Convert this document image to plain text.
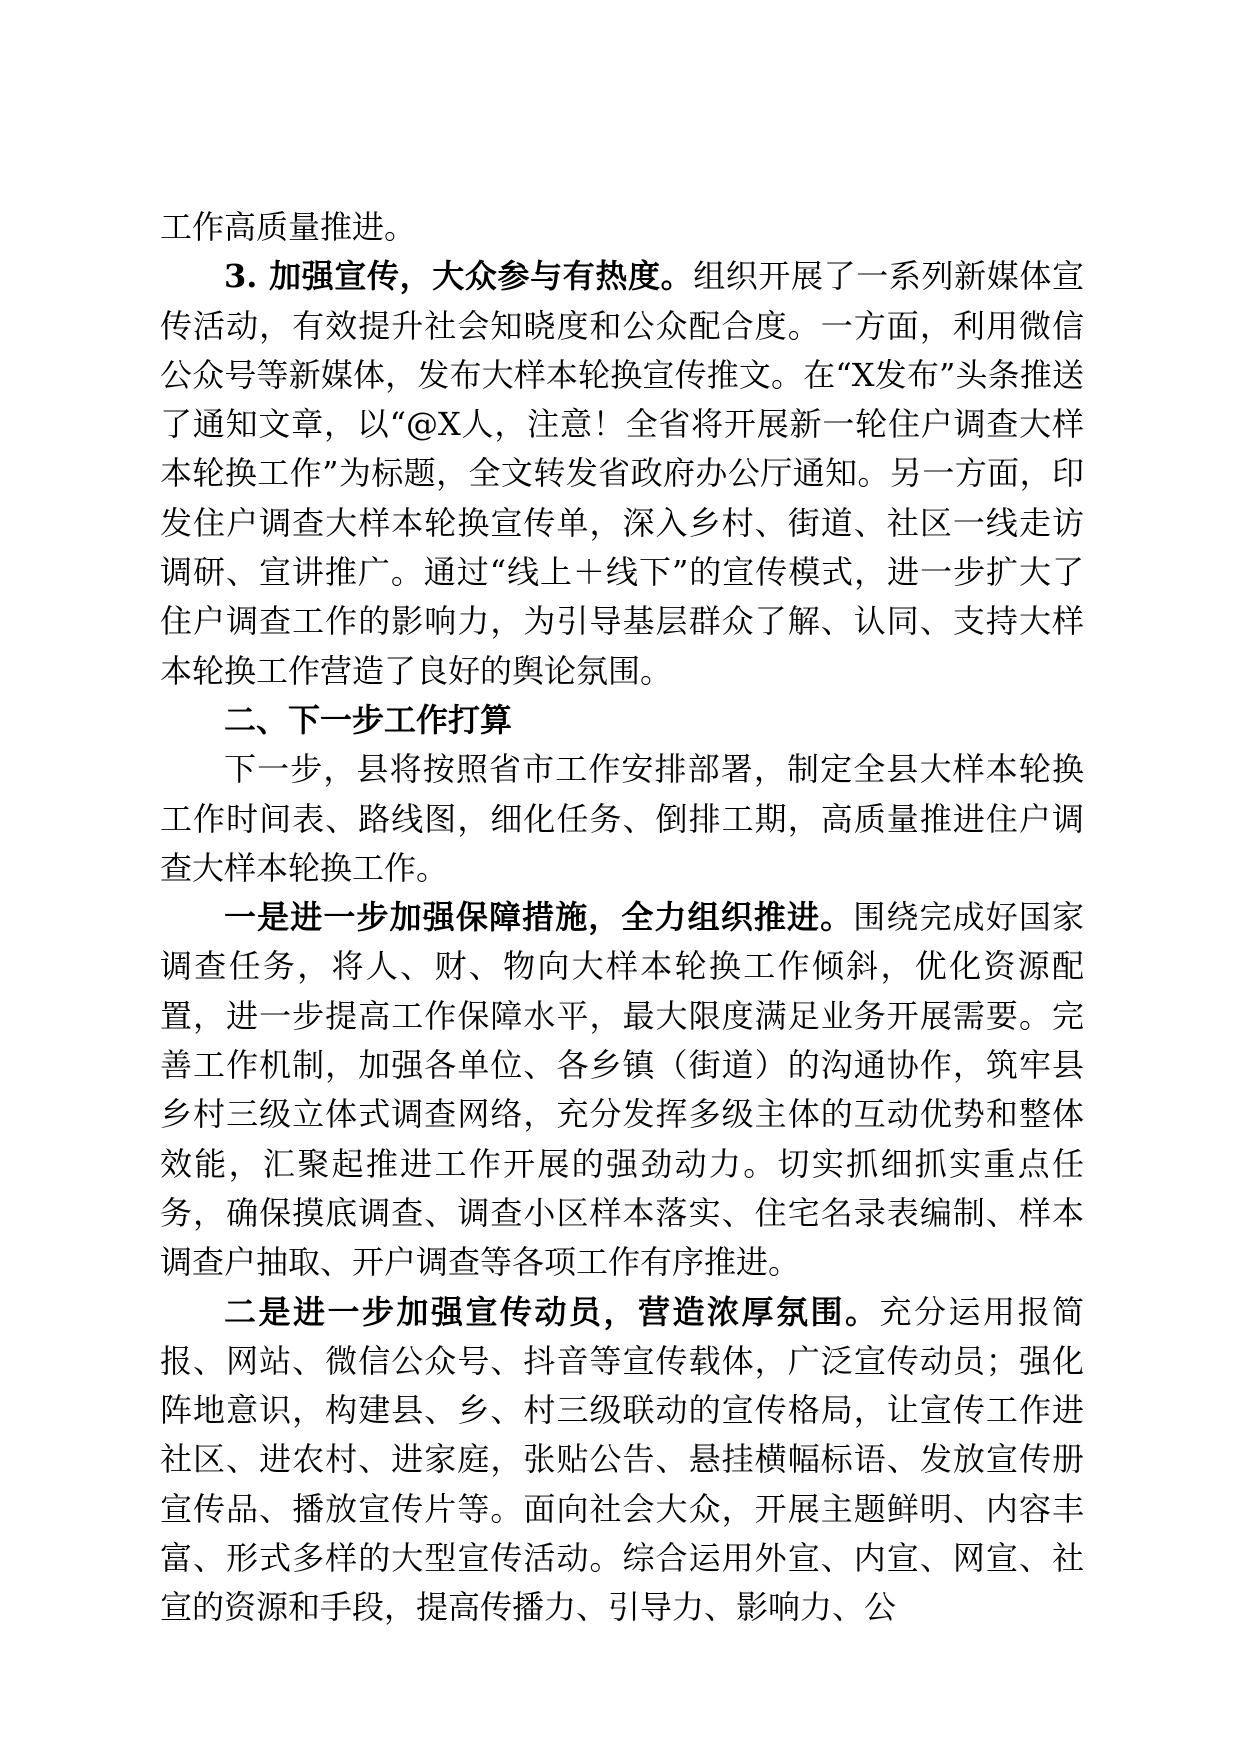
工作高质量推进。

3. 加强宣传，大众参与有热度。组织开展了一系列新媒体宣传活动，有效提升社会知晓度和公众配合度。一方面，利用微信公众号等新媒体，发布大样本轮换宣传推文。在“X发布”头条推送了通知文章，以“@X人，注意！全省将开展新一轮住户调查大样本轮换工作”为标题，全文转发省政府办公厅通知。另一方面，印发住户调查大样本轮换宣传单，深入乡村、街道、社区一线走访调研、宣讲推广。通过“线上＋线下”的宣传模式，进一步扩大了住户调查工作的影响力，为引导基层群众了解、认同、支持大样本轮换工作营造了良好的舆论氛围。

二、下一步工作打算

下一步，县将按照省市工作安排部署，制定全县大样本轮换工作时间表、路线图，细化任务、倒排工期，高质量推进住户调查大样本轮换工作。

一是进一步加强保障措施，全力组织推进。围绕完成好国家调查任务，将人、财、物向大样本轮换工作倾斜，优化资源配置，进一步提高工作保障水平，最大限度满足业务开展需要。完善工作机制，加强各单位、各乡镇（街道）的沟通协作，筑牢县乡村三级立体式调查网络，充分发挥多级主体的互动优势和整体效能，汇聚起推进工作开展的强劲动力。切实抓细抓实重点任务，确保摸底调查、调查小区样本落实、住宅名录表编制、样本调查户抽取、开户调查等各项工作有序推进。

二是进一步加强宣传动员，营造浓厚氛围。充分运用报简报、网站、微信公众号、抖音等宣传载体，广泛宣传动员；强化阵地意识，构建县、乡、村三级联动的宣传格局，让宣传工作进社区、进农村、进家庭，张贴公告、悬挂横幅标语、发放宣传册宣传品、播放宣传片等。面向社会大众，开展主题鲜明、内容丰富、形式多样的大型宣传活动。综合运用外宣、内宣、网宣、社宣的资源和手段，提高传播力、引导力、影响力、公
